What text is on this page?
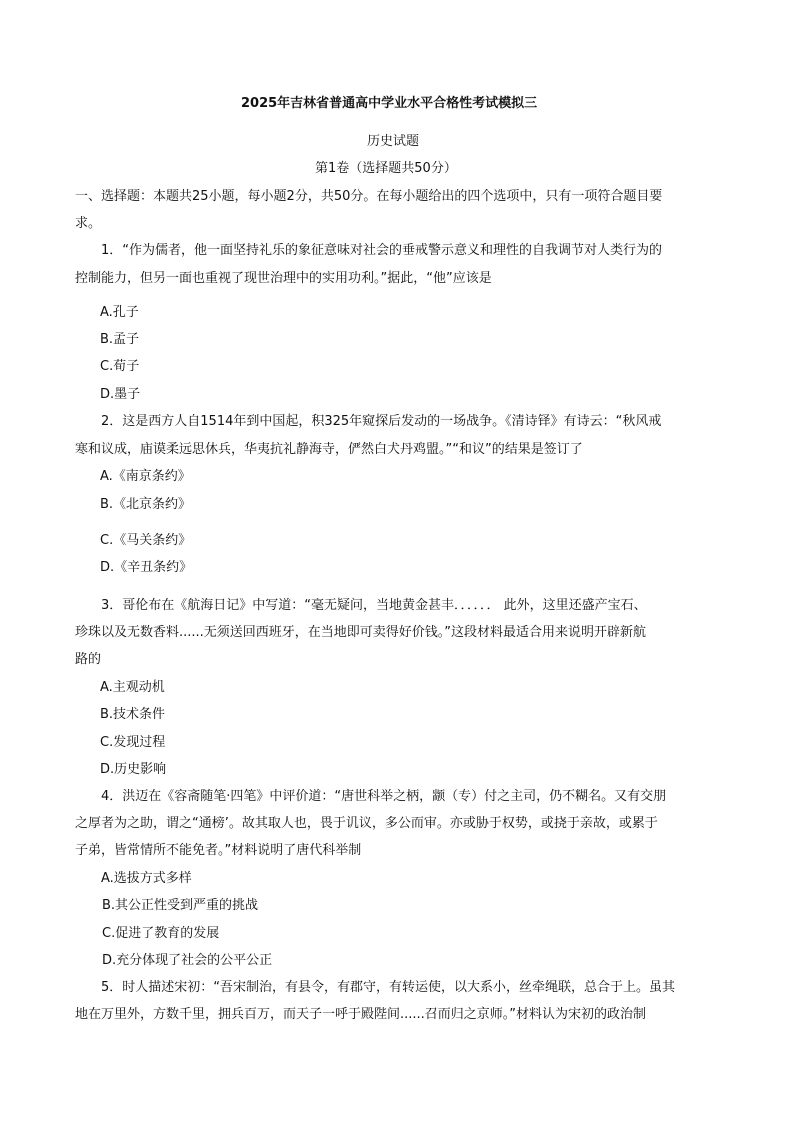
2025年吉林省普通高中学业水平合格性考试模拟三
历史试题
第1卷（选择题共50分）
一、选择题：本题共25小题，每小题2分，共50分。在每小题给出的四个选项中，只有一项符合题目要
求。
1．“作为儒者，他一面坚持礼乐的象征意味对社会的垂戒警示意义和理性的自我调节对人类行为的
控制能力，但另一面也重视了现世治理中的实用功利。”据此，“他”应该是
A.孔子
B.孟子
C.荀子
D.墨子
2．这是西方人自1514年到中国起，积325年窥探后发动的一场战争。《清诗铎》有诗云：“秋风戒
寒和议成，庙谟柔远思休兵，华夷抗礼静海寺，俨然白犬丹鸡盟。”“和议”的结果是签订了
A.《南京条约》
B.《北京条约》
C.《马关条约》
D.《辛丑条约》
3．哥伦布在《航海日记》中写道：“毫无疑问，当地黄金甚丰．．．．．． 此外，这里还盛产宝石、
珍珠以及无数香料......无须送回西班牙，在当地即可卖得好价钱。”这段材料最适合用来说明开辟新航
路的
A.主观动机
B.技术条件
C.发现过程
D.历史影响
4．洪迈在《容斋随笔·四笔》中评价道：“唐世科举之柄，颛（专）付之主司，仍不糊名。又有交朋
之厚者为之助，谓之“通榜’。故其取人也，畏于讥议，多公而审。亦或胁于权势，或挠于亲故，或累于
子弟，皆常情所不能免者。”材料说明了唐代科举制
A.选拔方式多样
B.其公正性受到严重的挑战
C.促进了教育的发展
D.充分体现了社会的公平公正
5．时人描述宋初：“吾宋制治，有县令，有郡守，有转运使，以大系小，丝牵绳联，总合于上。虽其
地在万里外，方数千里，拥兵百万，而天子一呼于殿陛间......召而归之京师。”材料认为宋初的政治制
